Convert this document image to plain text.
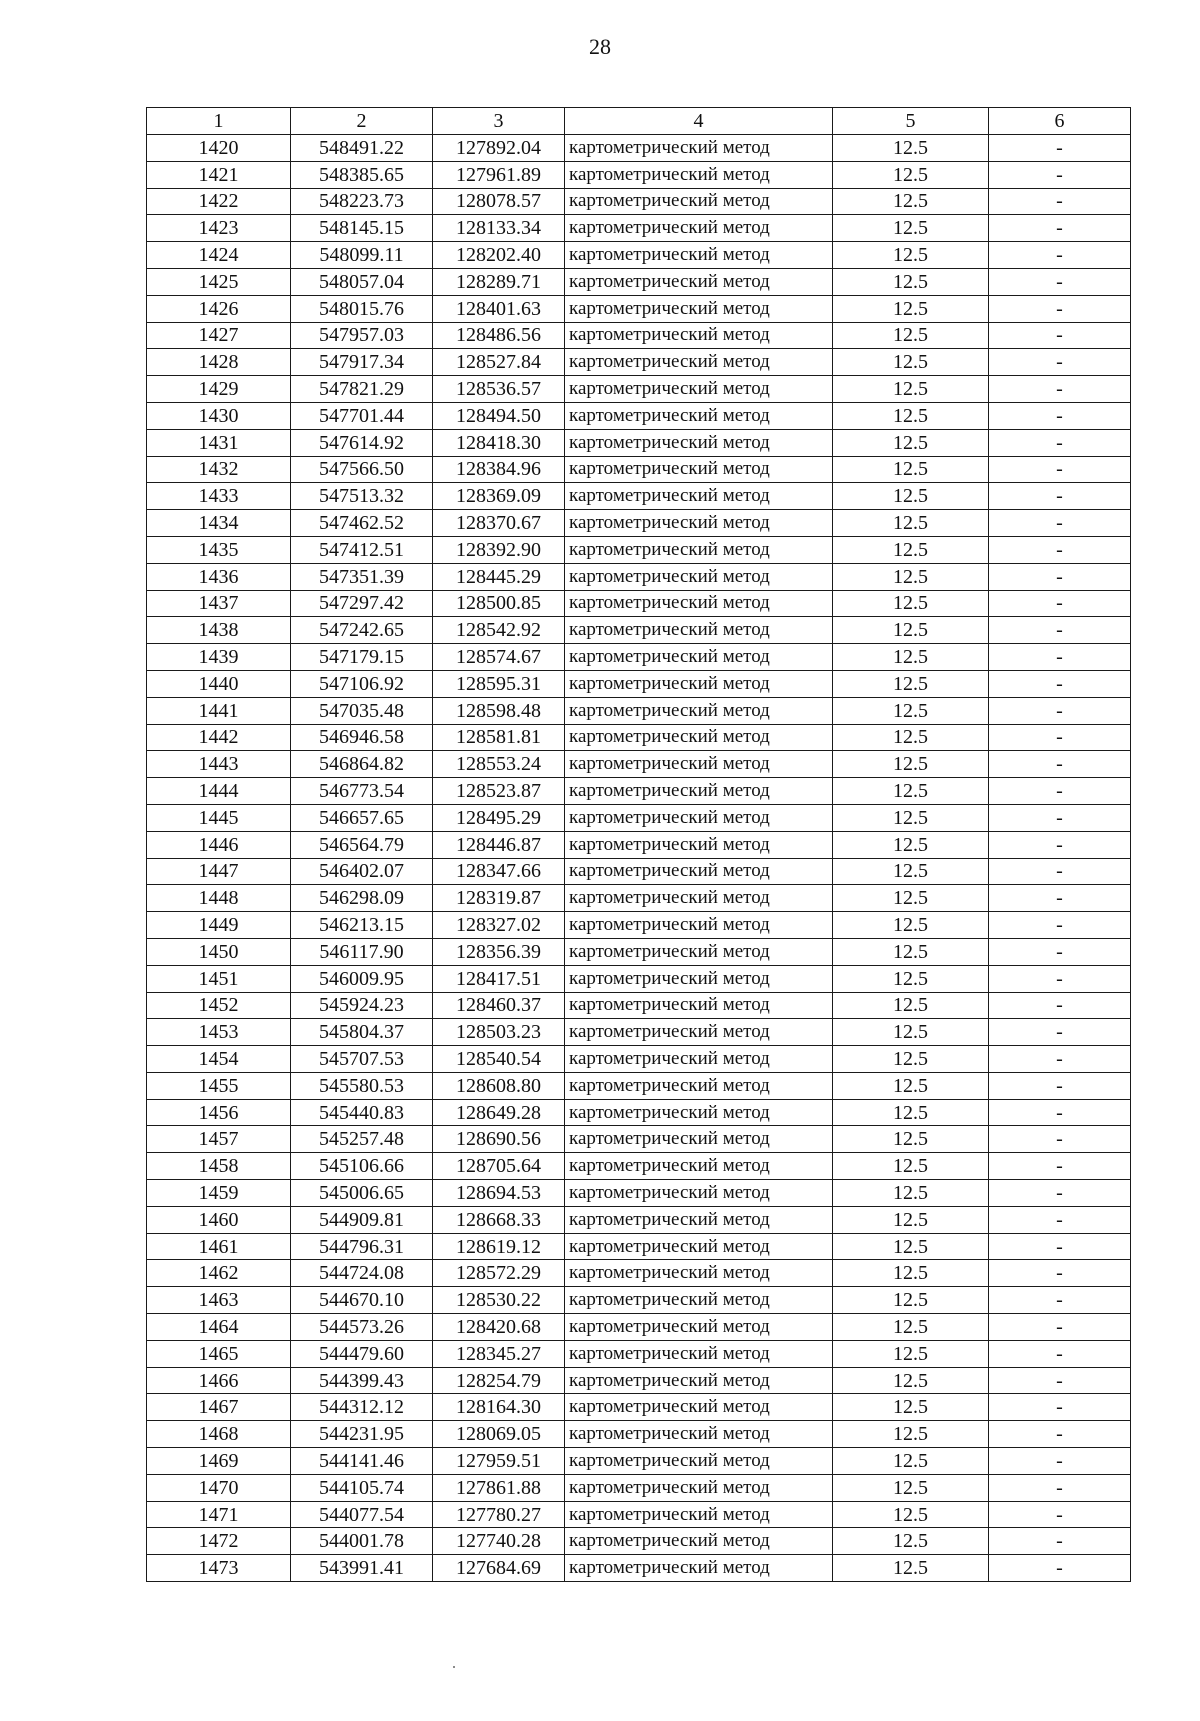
28
1	2	3	4	5	6
1420	548491.22	127892.04	картометрический метод	12.5	-
1421	548385.65	127961.89	картометрический метод	12.5	-
1422	548223.73	128078.57	картометрический метод	12.5	-
1423	548145.15	128133.34	картометрический метод	12.5	-
1424	548099.11	128202.40	картометрический метод	12.5	-
1425	548057.04	128289.71	картометрический метод	12.5	-
1426	548015.76	128401.63	картометрический метод	12.5	-
1427	547957.03	128486.56	картометрический метод	12.5	-
1428	547917.34	128527.84	картометрический метод	12.5	-
1429	547821.29	128536.57	картометрический метод	12.5	-
1430	547701.44	128494.50	картометрический метод	12.5	-
1431	547614.92	128418.30	картометрический метод	12.5	-
1432	547566.50	128384.96	картометрический метод	12.5	-
1433	547513.32	128369.09	картометрический метод	12.5	-
1434	547462.52	128370.67	картометрический метод	12.5	-
1435	547412.51	128392.90	картометрический метод	12.5	-
1436	547351.39	128445.29	картометрический метод	12.5	-
1437	547297.42	128500.85	картометрический метод	12.5	-
1438	547242.65	128542.92	картометрический метод	12.5	-
1439	547179.15	128574.67	картометрический метод	12.5	-
1440	547106.92	128595.31	картометрический метод	12.5	-
1441	547035.48	128598.48	картометрический метод	12.5	-
1442	546946.58	128581.81	картометрический метод	12.5	-
1443	546864.82	128553.24	картометрический метод	12.5	-
1444	546773.54	128523.87	картометрический метод	12.5	-
1445	546657.65	128495.29	картометрический метод	12.5	-
1446	546564.79	128446.87	картометрический метод	12.5	-
1447	546402.07	128347.66	картометрический метод	12.5	-
1448	546298.09	128319.87	картометрический метод	12.5	-
1449	546213.15	128327.02	картометрический метод	12.5	-
1450	546117.90	128356.39	картометрический метод	12.5	-
1451	546009.95	128417.51	картометрический метод	12.5	-
1452	545924.23	128460.37	картометрический метод	12.5	-
1453	545804.37	128503.23	картометрический метод	12.5	-
1454	545707.53	128540.54	картометрический метод	12.5	-
1455	545580.53	128608.80	картометрический метод	12.5	-
1456	545440.83	128649.28	картометрический метод	12.5	-
1457	545257.48	128690.56	картометрический метод	12.5	-
1458	545106.66	128705.64	картометрический метод	12.5	-
1459	545006.65	128694.53	картометрический метод	12.5	-
1460	544909.81	128668.33	картометрический метод	12.5	-
1461	544796.31	128619.12	картометрический метод	12.5	-
1462	544724.08	128572.29	картометрический метод	12.5	-
1463	544670.10	128530.22	картометрический метод	12.5	-
1464	544573.26	128420.68	картометрический метод	12.5	-
1465	544479.60	128345.27	картометрический метод	12.5	-
1466	544399.43	128254.79	картометрический метод	12.5	-
1467	544312.12	128164.30	картометрический метод	12.5	-
1468	544231.95	128069.05	картометрический метод	12.5	-
1469	544141.46	127959.51	картометрический метод	12.5	-
1470	544105.74	127861.88	картометрический метод	12.5	-
1471	544077.54	127780.27	картометрический метод	12.5	-
1472	544001.78	127740.28	картометрический метод	12.5	-
1473	543991.41	127684.69	картометрический метод	12.5	-
